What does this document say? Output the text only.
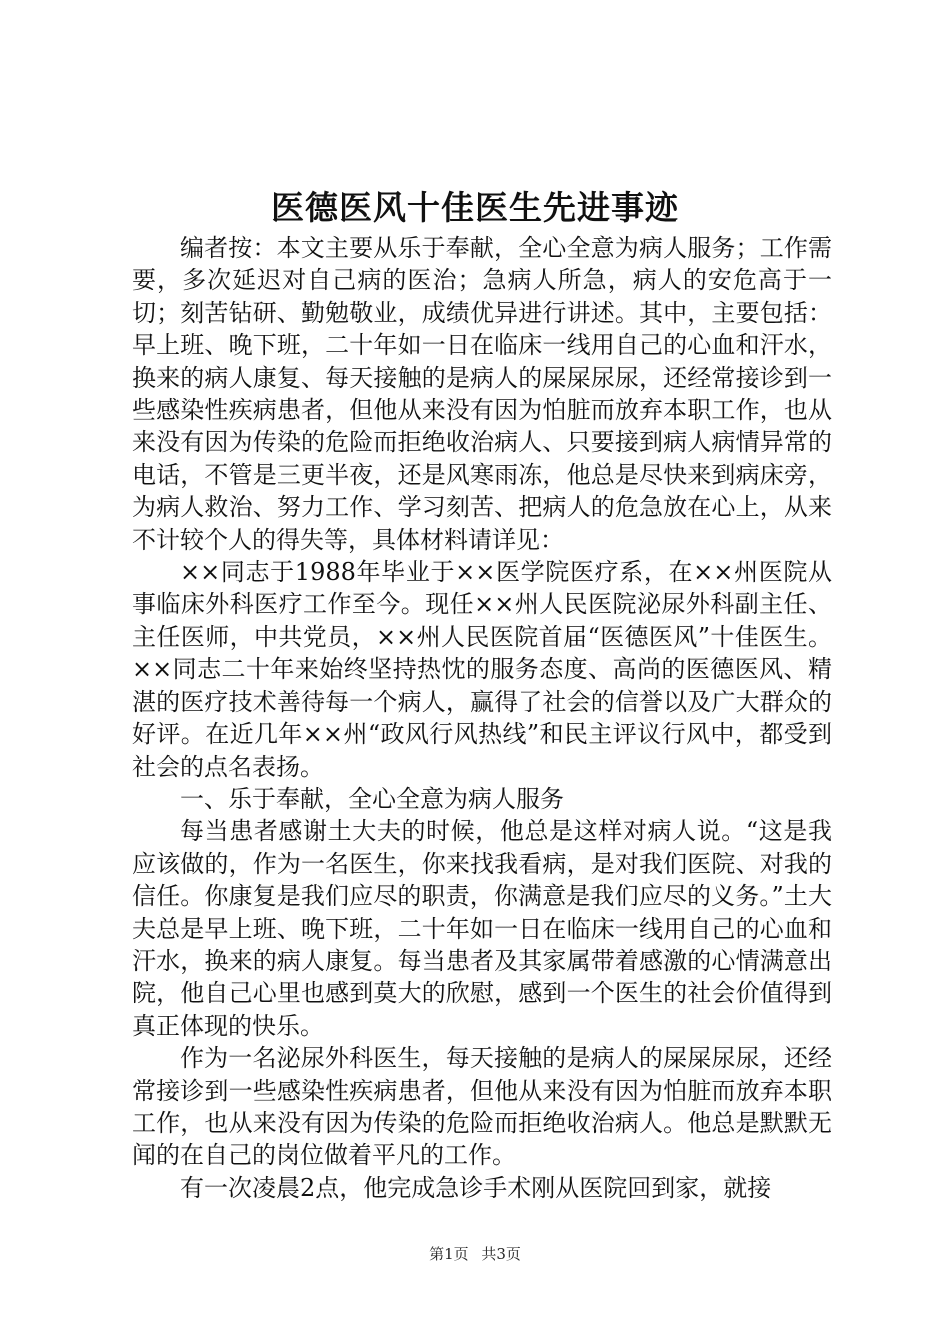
医德医风十佳医生先进事迹

编者按：本文主要从乐于奉献，全心全意为病人服务；工作需要，多次延迟对自己病的医治；急病人所急，病人的安危高于一切；刻苦钻研、勤勉敬业，成绩优异进行讲述。其中，主要包括：早上班、晚下班，二十年如一日在临床一线用自己的心血和汗水，换来的病人康复、每天接触的是病人的屎屎尿尿，还经常接诊到一些感染性疾病患者，但他从来没有因为怕脏而放弃本职工作，也从来没有因为传染的危险而拒绝收治病人、只要接到病人病情异常的电话，不管是三更半夜，还是风寒雨冻，他总是尽快来到病床旁，为病人救治、努力工作、学习刻苦、把病人的危急放在心上，从来不计较个人的得失等，具体材料请详见：

××同志于1988年毕业于××医学院医疗系，在××州医院从事临床外科医疗工作至今。现任××州人民医院泌尿外科副主任、主任医师，中共党员，××州人民医院首届“医德医风”十佳医生。××同志二十年来始终坚持热忱的服务态度、高尚的医德医风、精湛的医疗技术善待每一个病人，赢得了社会的信誉以及广大群众的好评。在近几年××州“政风行风热线”和民主评议行风中，都受到社会的点名表扬。

一、乐于奉献，全心全意为病人服务

每当患者感谢土大夫的时候，他总是这样对病人说。“这是我应该做的，作为一名医生，你来找我看病，是对我们医院、对我的信任。你康复是我们应尽的职责，你满意是我们应尽的义务。”土大夫总是早上班、晚下班，二十年如一日在临床一线用自己的心血和汗水，换来的病人康复。每当患者及其家属带着感激的心情满意出院，他自己心里也感到莫大的欣慰，感到一个医生的社会价值得到真正体现的快乐。

作为一名泌尿外科医生，每天接触的是病人的屎屎尿尿，还经常接诊到一些感染性疾病患者，但他从来没有因为怕脏而放弃本职工作，也从来没有因为传染的危险而拒绝收治病人。他总是默默无闻的在自己的岗位做着平凡的工作。

有一次凌晨2点，他完成急诊手术刚从医院回到家，就接

第1页 共3页
